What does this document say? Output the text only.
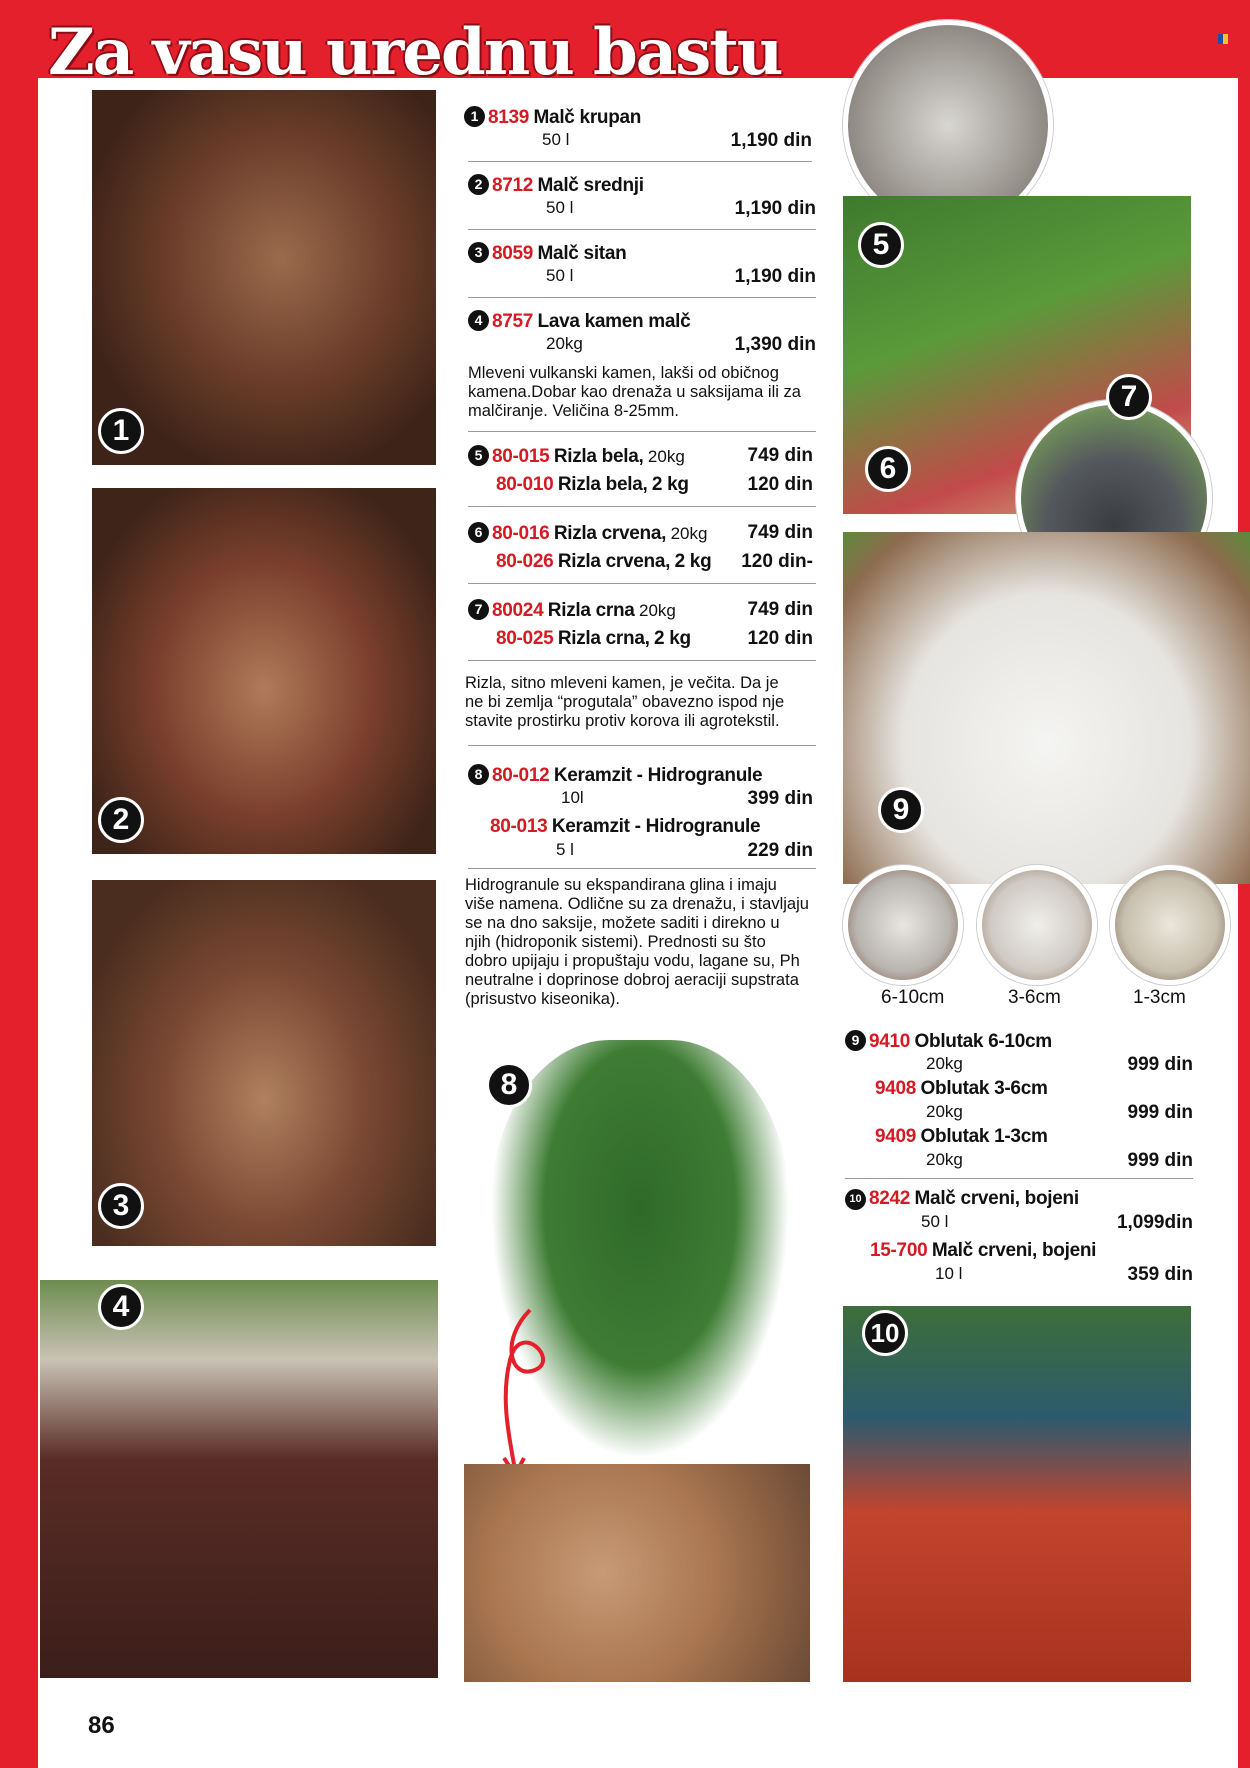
Za vasu urednu bastu
1
2
3
4
5
6
7
9
6-10cm	3-6cm	1-3cm
10
8
1 8139 Malč krupan
50 l	1,190 din
2 8712 Malč srednji
50 l	1,190 din
3 8059 Malč sitan
50 l	1,190 din
4 8757 Lava kamen malč
20kg	1,390 din
Mleveni vulkanski kamen, lakši od običnog
kamena.Dobar kao drenaža u saksijama ili za
malčiranje. Veličina 8-25mm.
5 80-015 Rizla bela, 20kg	749 din
80-010 Rizla bela, 2 kg	120 din
6 80-016 Rizla crvena, 20kg 749 din
80-026 Rizla crvena, 2 kg 120 din-
7 80024 Rizla crna 20kg	749 din
80-025 Rizla crna, 2 kg	120 din
Rizla, sitno mleveni kamen, je večita. Da je
ne bi zemlja “progutala” obavezno ispod nje
stavite prostirku protiv korova ili agrotekstil.
8 80-012 Keramzit - Hidrogranule
10l	399 din
80-013 Keramzit - Hidrogranule
5 l	229 din
Hidrogranule su ekspandirana glina i imaju
više namena. Odlične su za drenažu, i stavljaju
se na dno saksije, možete saditi i direkno u
njih (hidroponik sistemi). Prednosti su što
dobro upijaju i propuštaju vodu, lagane su, Ph
neutralne i doprinose dobroj aeraciji supstrata
(prisustvo kiseonika).
9 9410 Oblutak 6-10cm
20kg	999 din
9408 Oblutak 3-6cm
20kg	999 din
9409 Oblutak 1-3cm
20kg	999 din
10 8242 Malč crveni, bojeni
50 l	1,099din
15-700 Malč crveni, bojeni
10 l	359 din
86
